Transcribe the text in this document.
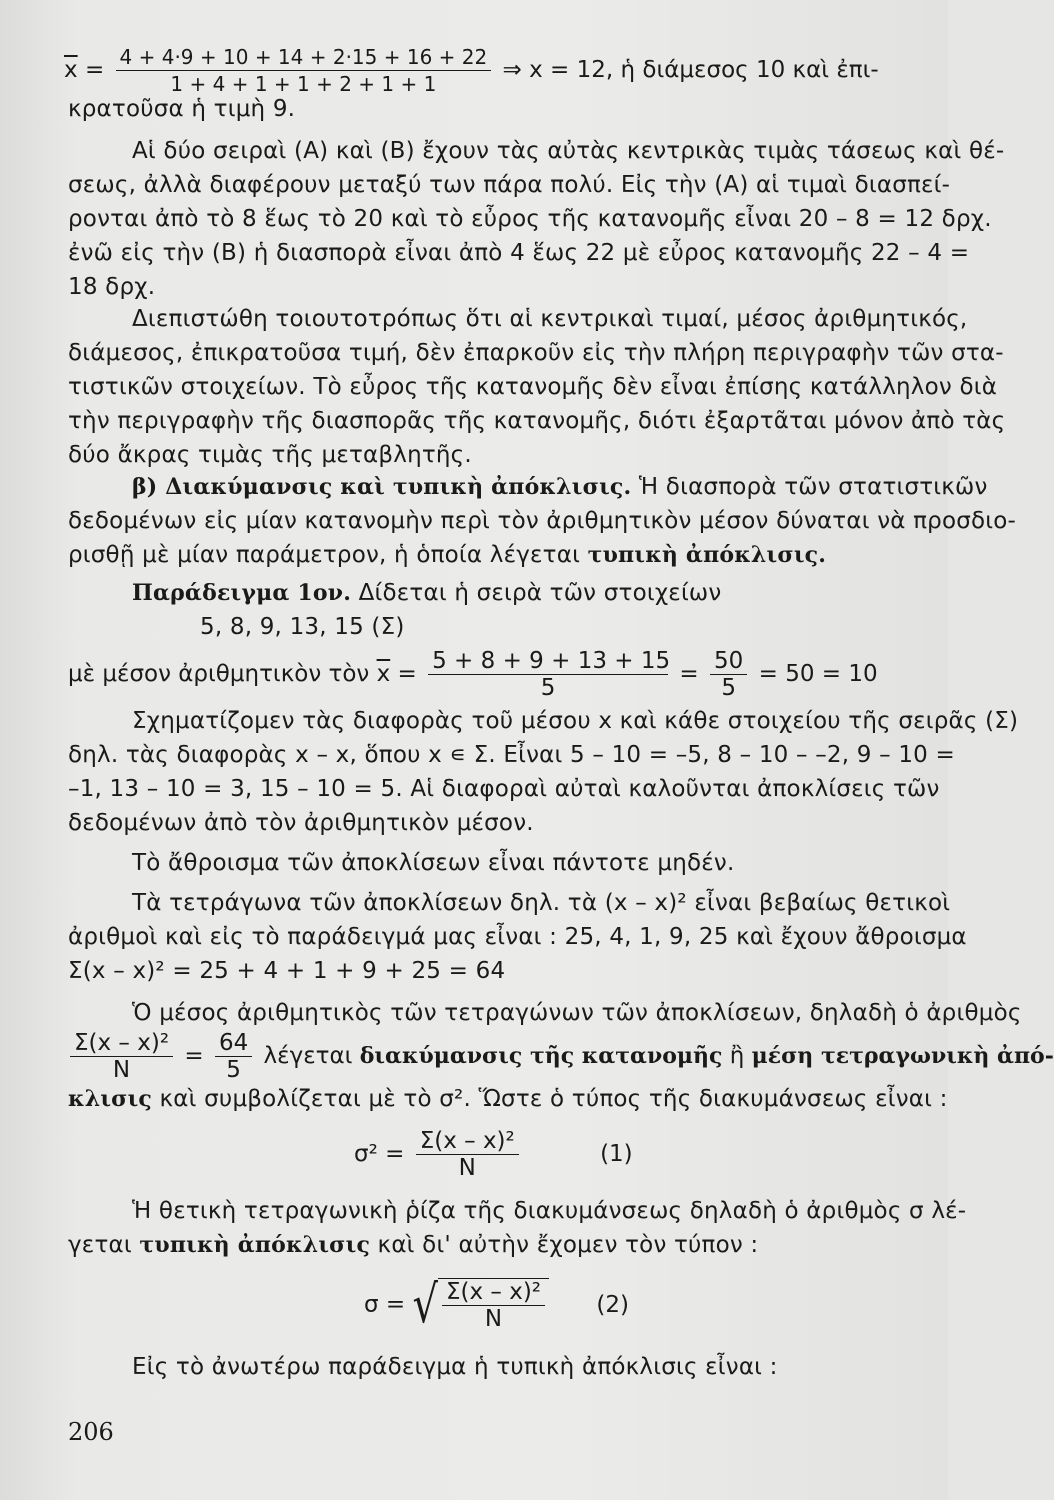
$\overline{x} = \frac{4 + 4\cdot 9 + 10 + 14 + 2\cdot 15 + 16 + 22}{1 + 4 + 1 + 1 + 2 + 1 + 1}$ ⇒ x = 12, ἡ διάμεσος 10 καὶ ἐπι-
κρατοῦσα ἡ τιμὴ 9.
Αἱ δύο σειραὶ (Α) καὶ (Β) ἔχουν τὰς αὐτὰς κεντρικὰς τιμὰς τάσεως καὶ θέ-
σεως, ἀλλὰ διαφέρουν μεταξύ των πάρα πολύ. Εἰς τὴν (Α) αἱ τιμαὶ διασπεί-
ρονται ἀπὸ τὸ 8 ἕως τὸ 20 καὶ τὸ εὖρος τῆς κατανομῆς εἶναι 20 – 8 = 12 δρχ.
ἐνῶ εἰς τὴν (Β) ἡ διασπορὰ εἶναι ἀπὸ 4 ἕως 22 μὲ εὖρος κατανομῆς 22 – 4 =
18 δρχ.
Διεπιστώθη τοιουτοτρόπως ὅτι αἱ κεντρικαὶ τιμαί, μέσος ἀριθμητικός,
διάμεσος, ἐπικρατοῦσα τιμή, δὲν ἐπαρκοῦν εἰς τὴν πλήρη περιγραφὴν τῶν στα-
τιστικῶν στοιχείων. Τὸ εὖρος τῆς κατανομῆς δὲν εἶναι ἐπίσης κατάλληλον διὰ
τὴν περιγραφὴν τῆς διασπορᾶς τῆς κατανομῆς, διότι ἐξαρτᾶται μόνον ἀπὸ τὰς
δύο ἄκρας τιμὰς τῆς μεταβλητῆς.
β) Διακύμανσις καὶ τυπικὴ ἀπόκλισις. Ἡ διασπορὰ τῶν στατιστικῶν
δεδομένων εἰς μίαν κατανομὴν περὶ τὸν ἀριθμητικὸν μέσον δύναται νὰ προσδιο-
ρισθῇ μὲ μίαν παράμετρον, ἡ ὁποία λέγεται τυπικὴ ἀπόκλισις.
Παράδειγμα 1ον. Δίδεται ἡ σειρὰ τῶν στοιχείων
5, 8, 9, 13, 15 (Σ)
μὲ μέσον ἀριθμητικὸν τὸν $\overline{x} = \frac{5 + 8 + 9 + 13 + 15}{5} = \frac{50}{5} = 50 = 10$
Σχηματίζομεν τὰς διαφορὰς τοῦ μέσου x καὶ κάθε στοιχείου τῆς σειρᾶς (Σ)
δηλ. τὰς διαφορὰς x – x, ὅπου x ∊ Σ. Εἶναι 5 – 10 = –5, 8 – 10 – –2, 9 – 10 =
–1, 13 – 10 = 3, 15 – 10 = 5. Αἱ διαφοραὶ αὐταὶ καλοῦνται ἀποκλίσεις τῶν
δεδομένων ἀπὸ τὸν ἀριθμητικὸν μέσον.
Τὸ ἄθροισμα τῶν ἀποκλίσεων εἶναι πάντοτε μηδέν.
Τὰ τετράγωνα τῶν ἀποκλίσεων δηλ. τὰ (x – x)² εἶναι βεβαίως θετικοὶ
ἀριθμοὶ καὶ εἰς τὸ παράδειγμά μας εἶναι : 25, 4, 1, 9, 25 καὶ ἔχουν ἄθροισμα
Σ(x – x)² = 25 + 4 + 1 + 9 + 25 = 64
Ὁ μέσος ἀριθμητικὸς τῶν τετραγώνων τῶν ἀποκλίσεων, δηλαδὴ ὁ ἀριθμὸς
$\frac{\text{Σ(x – x)²}}{N} = \frac{64}{5}$ λέγεται διακύμανσις τῆς κατανομῆς ἢ μέση τετραγωνικὴ ἀπό-
κλισις καὶ συμβολίζεται μὲ τὸ σ². Ὥστε ὁ τύπος τῆς διακυμάνσεως εἶναι :
$\sigma^2 = \frac{\text{Σ(x – x)²}}{N}$	(1)
Ἡ θετικὴ τετραγωνικὴ ῥίζα τῆς διακυμάνσεως δηλαδὴ ὁ ἀριθμὸς σ λέ-
γεται τυπικὴ ἀπόκλισις καὶ δι' αὐτὴν ἔχομεν τὸν τύπον :
σ = √ $\frac{\text{Σ(x – x)²}}{N} (2)$
Εἰς τὸ ἀνωτέρω παράδειγμα ἡ τυπικὴ ἀπόκλισις εἶναι :
206
